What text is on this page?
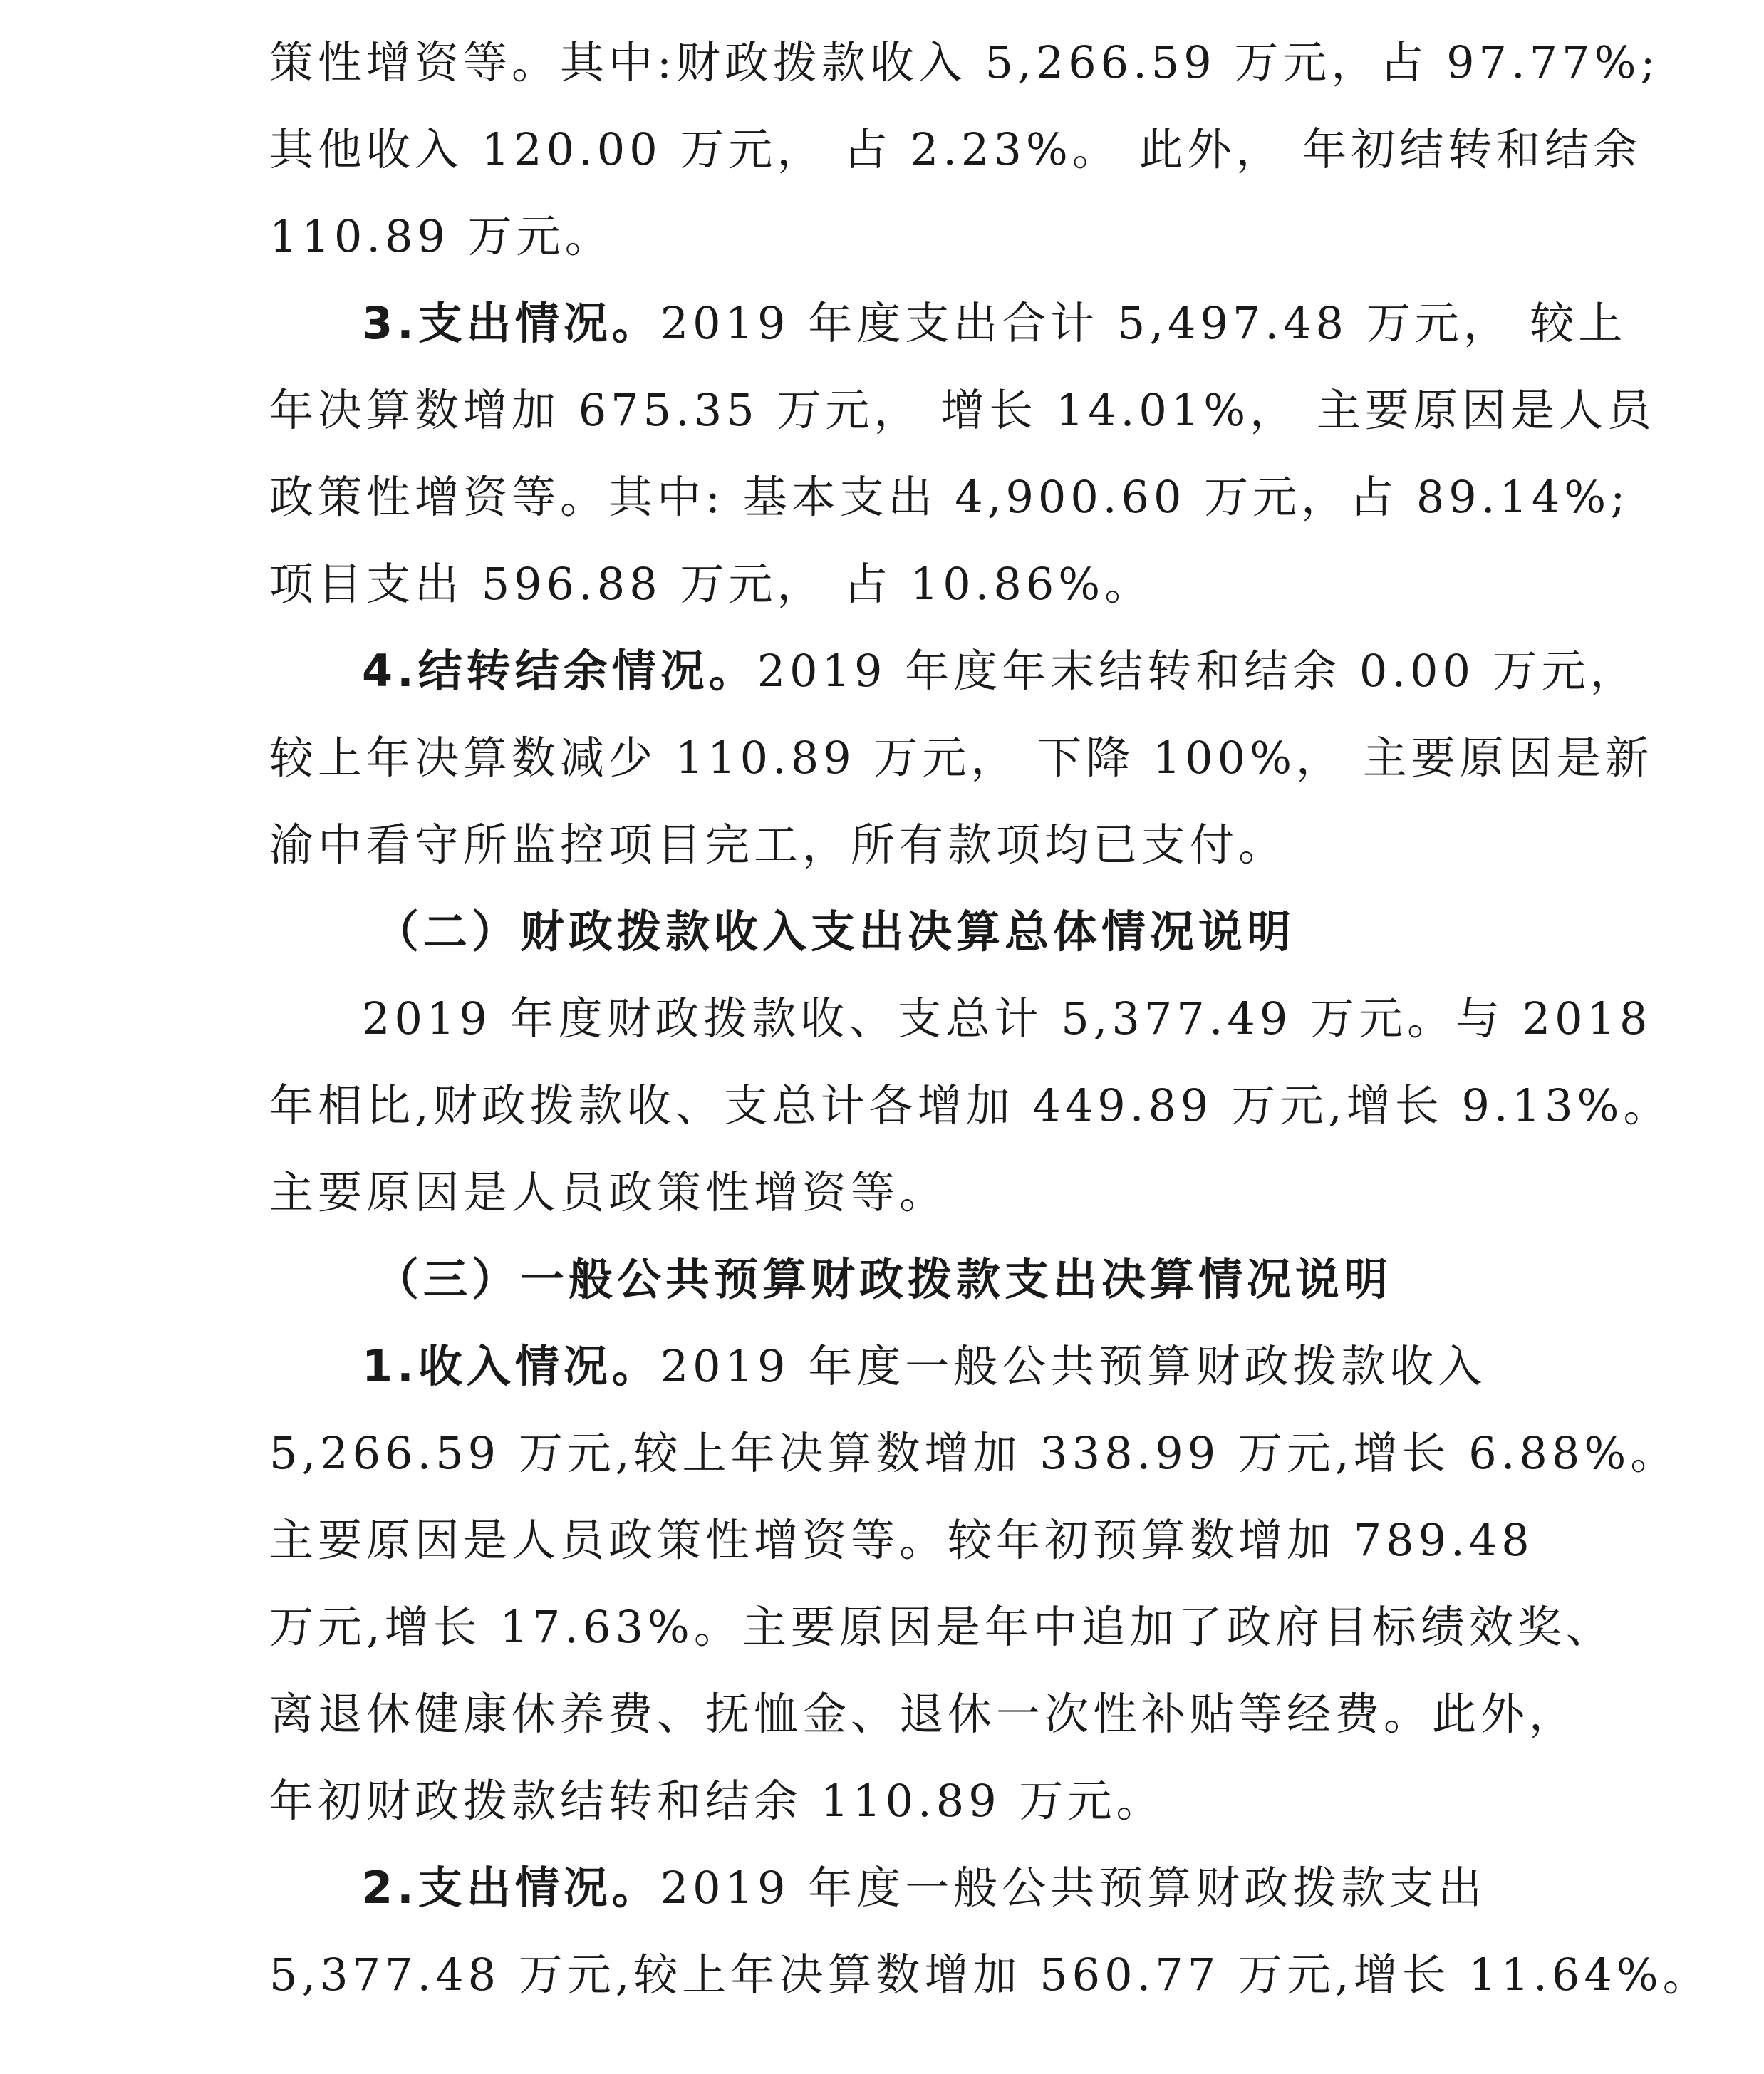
策性增资等。其中:财政拨款收入 5,266.59 万元，占 97.77%;
其他收入 120.00 万元， 占 2.23%。 此外， 年初结转和结余
110.89 万元。
3.支出情况。2019 年度支出合计 5,497.48 万元， 较上
年决算数增加 675.35 万元， 增长 14.01%， 主要原因是人员
政策性增资等。其中: 基本支出 4,900.60 万元，占 89.14%;
项目支出 596.88 万元， 占 10.86%。
4.结转结余情况。2019 年度年末结转和结余 0.00 万元，
较上年决算数减少 110.89 万元， 下降 100%， 主要原因是新
渝中看守所监控项目完工，所有款项均已支付。
（二）财政拨款收入支出决算总体情况说明
2019 年度财政拨款收、支总计 5,377.49 万元。与 2018
年相比,财政拨款收、支总计各增加 449.89 万元,增长 9.13%。
主要原因是人员政策性增资等。
（三）一般公共预算财政拨款支出决算情况说明
1.收入情况。2019 年度一般公共预算财政拨款收入
5,266.59 万元,较上年决算数增加 338.99 万元,增长 6.88%。
主要原因是人员政策性增资等。较年初预算数增加 789.48
万元,增长 17.63%。主要原因是年中追加了政府目标绩效奖、
离退休健康休养费、抚恤金、退休一次性补贴等经费。此外，
年初财政拨款结转和结余 110.89 万元。
2.支出情况。2019 年度一般公共预算财政拨款支出
5,377.48 万元,较上年决算数增加 560.77 万元,增长 11.64%。
